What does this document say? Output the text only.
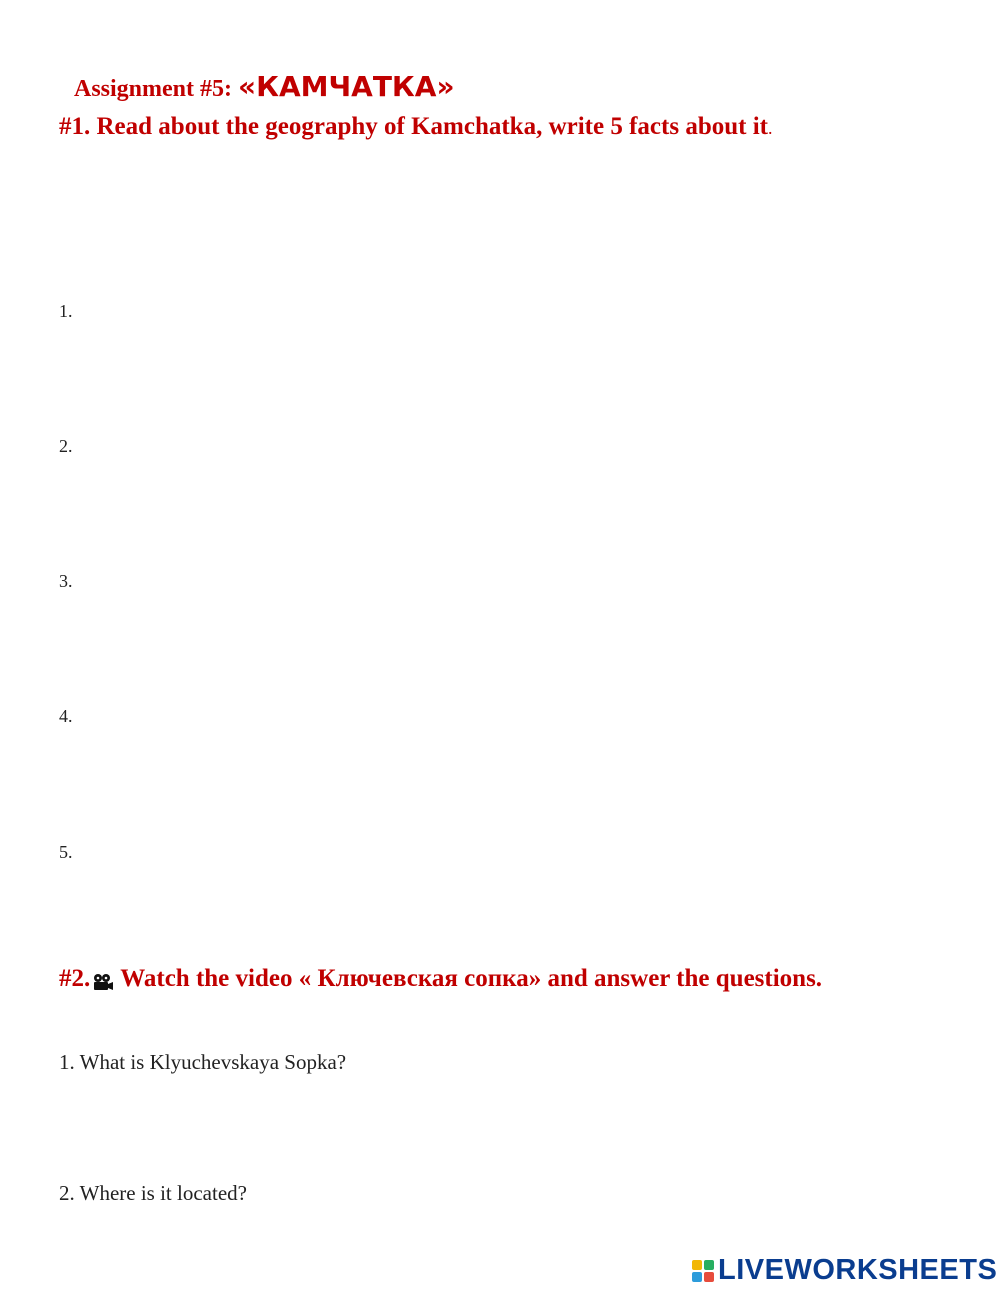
Assignment #5: «КАМЧАТКА»
#1. Read about the geography of Kamchatka, write 5 facts about it.
1.
2.
3.
4.
5.
#2. Watch the video « Ключевская сопка» and answer the questions.
1. What is Klyuchevskaya Sopka?
2. Where is it located?
LIVEWORKSHEETS
